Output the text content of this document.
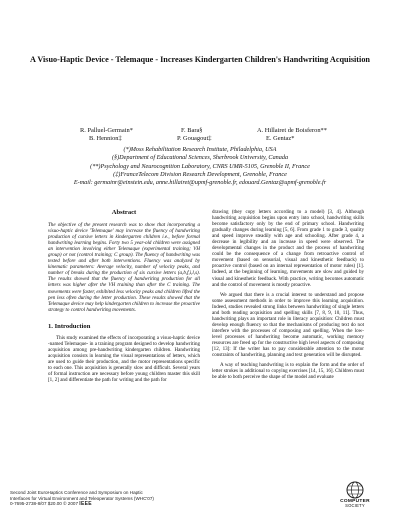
A Visuo-Haptic Device - Telemaque - Increases Kindergarten Children's Handwriting Acquisition
R. Palluel-Germain*	F. Bara§	A. Hillairet de Boisferon**
B. Hennion‡	P. Gouagout‡	E. Gentaz*
(*)Moss Rehabilitation Research Institute, Philadelphia, USA
(§)Department of Educational Sciences, Sherbrook University, Canada
(**)Psychology and Neurocognition Laboratory, CNRS UMR-5105, Grenoble II, France
(‡)FranceTelecom Division Research Development, Grenoble, France
E-mail: germainr@einstein.edu, anne.hillairet@upmf-grenoble.fr, edouard.Gentaz@upmf-grenoble.fr
Abstract

The objective of the present research was to show that incorporating a visuo-haptic device 'Telemaque' may increase the fluency of handwriting production of cursive letters in kindergarten children i.e., before formal handwriting learning begins. Forty two 5 year-old children were assigned an intervention involving either Telemaque (experimental training; VH group) or not (control training; C group). The fluency of handwriting was tested before and after both interventions. Fluency was analyzed by kinematic parameters: Average velocity, number of velocity peaks, and number of breaks during the production of six cursive letters (a,b,f,i,l,s). The results showed that the fluency of handwriting production for all letters was higher after the VH training than after the C training. The movements were faster, exhibited less velocity peaks and children lifted the pen less often during the letter production. These results showed that the Telemaque device may help kindergarten children to increase the proactive strategy to control handwriting movements.

1. Introduction

This study examined the effects of incorporating a visuo-haptic device -named Telemaque- in a training program designed to develop handwriting acquisition among pre-handwriting kindergarten children. Handwriting acquisition consists in learning the visual representations of letters, which are used to guide their production, and the motor representations specific to each one. This acquisition is generally slow and difficult. Several years of formal instruction are necessary before young children master this skill [1, 2] and differentiate the path for writing and the path for

drawing (they copy letters according to a model) [3, 4]. Although handwriting acquisition begins upon entry into school, handwriting skills become satisfactory only by the end of primary school. Handwriting gradually changes during learning [5, 6]. From grade 1 to grade 3, quality and speed improve steadily with age and schooling. After grade 4, a decrease in legibility and an increase in speed were observed. The developmental changes in the product and the process of handwriting could be the consequence of a change from retroactive control of movement (based on sensorial, visual and kinesthetic feedback) to proactive control (based on an internal representation of motor rules) [1]. Indeed, at the beginning of learning, movements are slow and guided by visual and kinesthetic feedback. With practice, writing becomes automatic and the control of movement is mostly proactive.

We argued that there is a crucial interest to understand and propose some assessment methods in order to improve this learning acquisition. Indeed, studies revealed strong links between handwriting of single letters and both reading acquisition and spelling skills [7, 8, 9, 10, 11]. Thus, handwriting plays an important role in literacy acquisition: Children must develop enough fluency so that the mechanisms of producing text do not interfere with the processes of composing and spelling. When the low-level processes of handwriting become automatic, working memory resources are freed up for the constructive high level aspects of composing [12, 13]: If the writer has to pay considerable attention to the motor constraints of handwriting, planning and text generation will be disrupted.

A way of teaching handwriting is to explain the form and the order of letter strokes in additional to copying exercises [14, 15, 16]. Children must be able to both perceive the shape of the model and evaluate

Second Joint EuroHaptics Conference and Symposium on Haptic
Interfaces for Virtual Environment and Teleoperator Systems (WHC'07)
0-7695-2738-8/07 $20.00 © 2007 IEEE	COMPUTER
SOCIETY
